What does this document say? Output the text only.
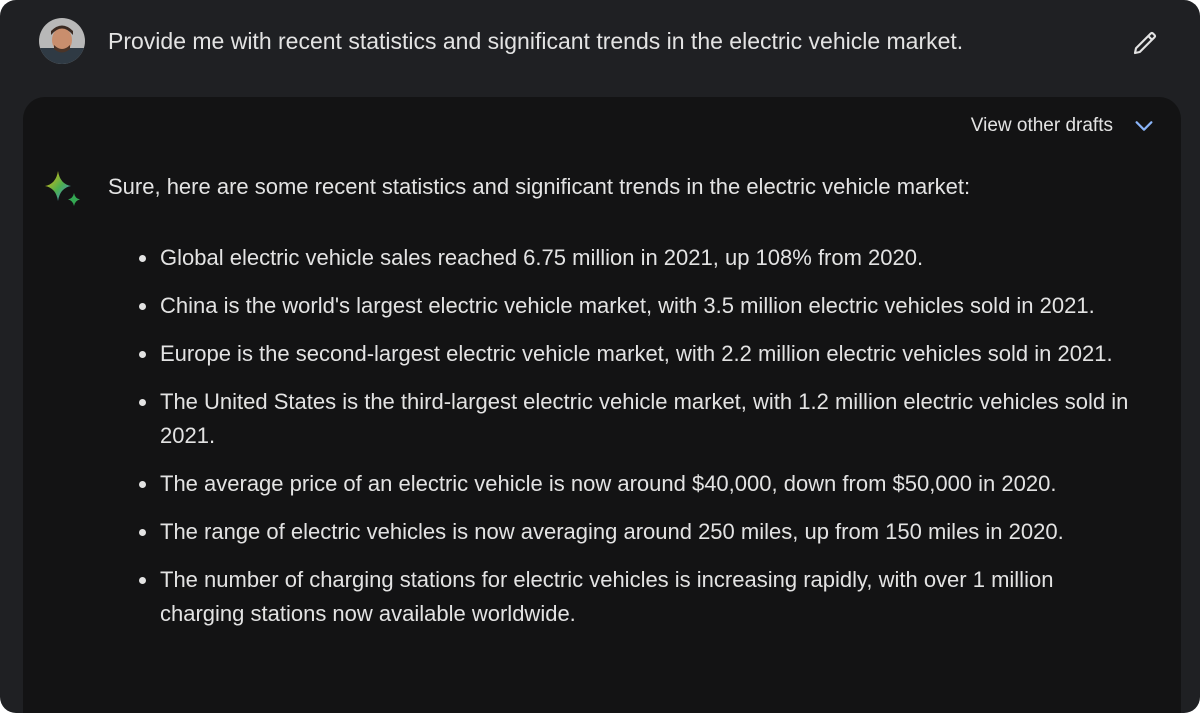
Provide me with recent statistics and significant trends in the electric vehicle market.
View other drafts
Sure, here are some recent statistics and significant trends in the electric vehicle market:
Global electric vehicle sales reached 6.75 million in 2021, up 108% from 2020.
China is the world's largest electric vehicle market, with 3.5 million electric vehicles sold in 2021.
Europe is the second-largest electric vehicle market, with 2.2 million electric vehicles sold in 2021.
The United States is the third-largest electric vehicle market, with 1.2 million electric vehicles sold in 2021.
The average price of an electric vehicle is now around $40,000, down from $50,000 in 2020.
The range of electric vehicles is now averaging around 250 miles, up from 150 miles in 2020.
The number of charging stations for electric vehicles is increasing rapidly, with over 1 million charging stations now available worldwide.
